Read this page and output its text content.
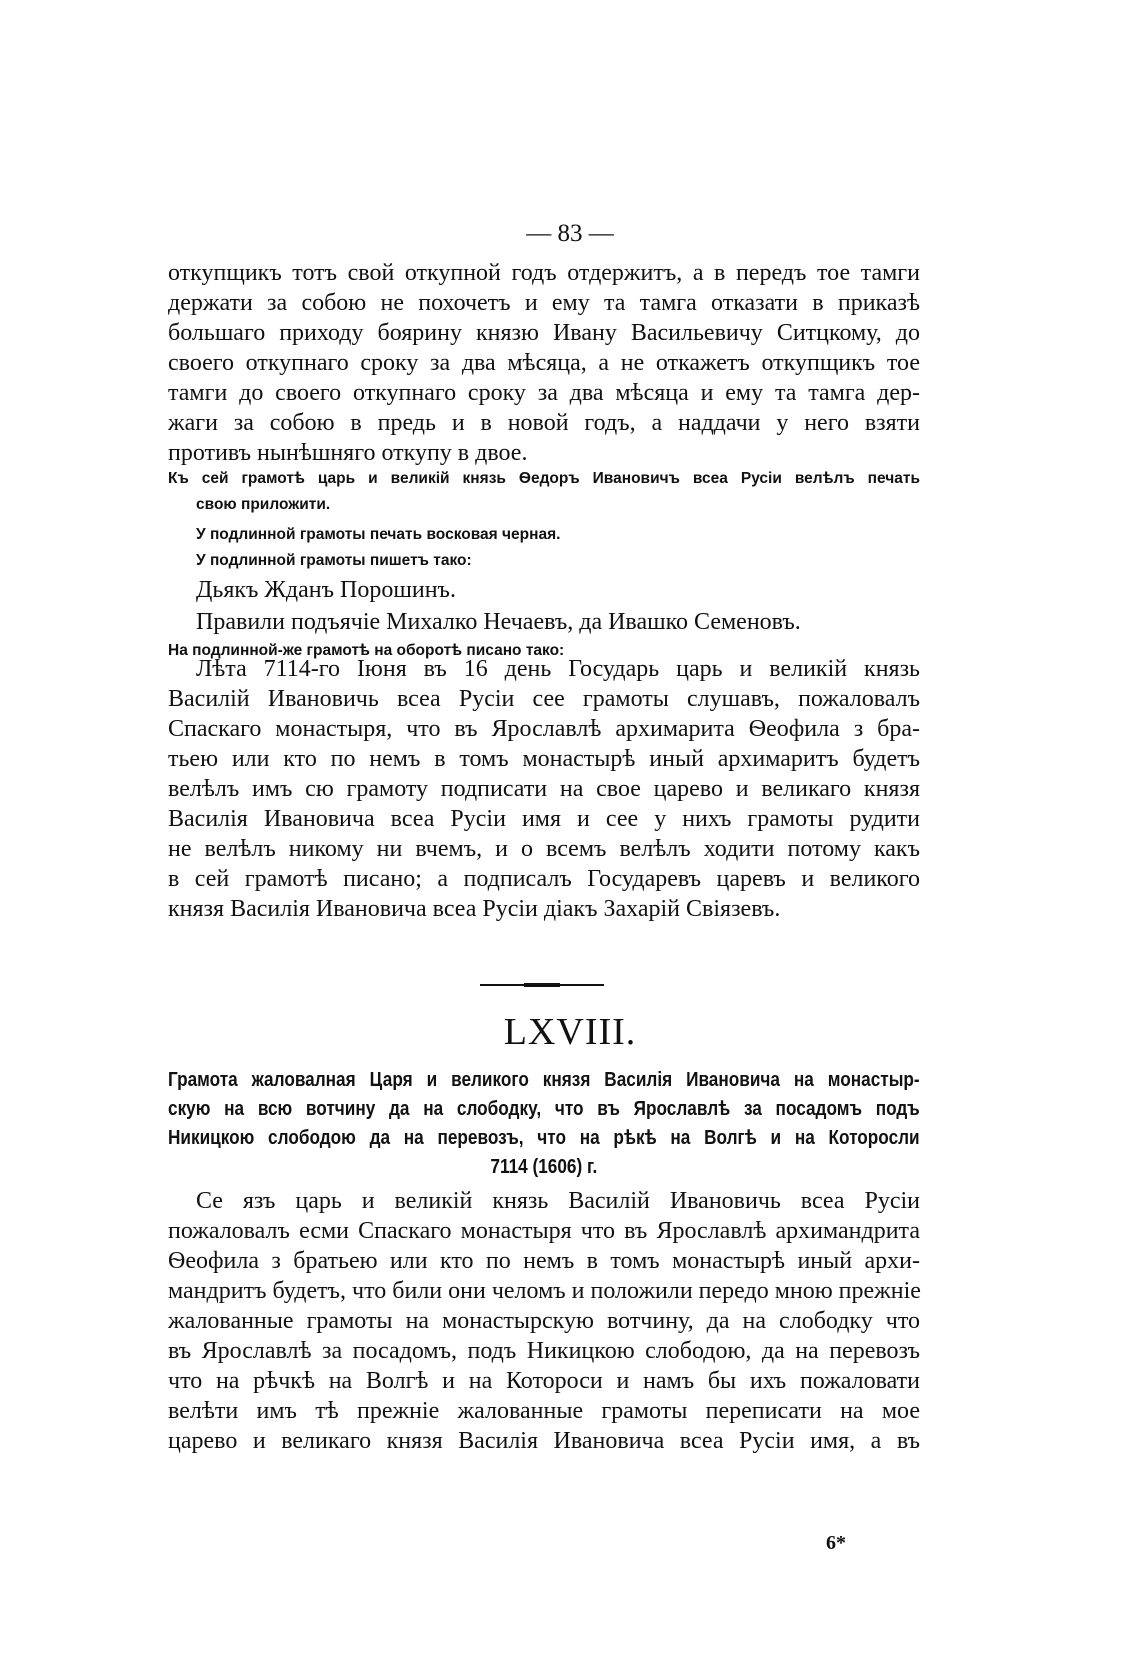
— 83 —
откупщикъ тотъ свой откупной годъ отдержитъ, а в передъ тое тамги
держати за собою не похочетъ и ему та тамга отказати в приказѣ
большаго приходу боярину князю Ивану Васильевичу Ситцкому, до
своего откупнаго сроку за два мѣсяца, а не откажетъ откупщикъ тое
тамги до своего откупнаго сроку за два мѣсяца и ему та тамга дер-
жаги за собою в предь и в новой годъ, а наддачи у него взяти
противъ нынѣшняго откупу в двое.
Къ сей грамотѣ царь и великій князь Ѳедоръ Ивановичъ всеа Русіи велѣлъ печать
свою приложити.
У подлинной грамоты печать восковая черная.
У подлинной грамоты пишетъ тако:
Дьякъ Жданъ Порошинъ.
Правили подъячіе Михалко Нечаевъ, да Ивашко Семеновъ.
На подлинной-же грамотѣ на оборотѣ писано тако:
Лѣта 7114-го Іюня въ 16 день Государь царь и великій князь
Василій Ивановичь всеа Русіи сее грамоты слушавъ, пожаловалъ
Спаскаго монастыря, что въ Ярославлѣ архимарита Ѳеофила з бра-
тьею или кто по немъ в томъ монастырѣ иный архимаритъ будетъ
велѣлъ имъ сю грамоту подписати на свое царево и великаго князя
Василія Ивановича всеа Русіи имя и сее у нихъ грамоты рудити
не велѣлъ никому ни вчемъ, и о всемъ велѣлъ ходити потому какъ
в сей грамотѣ писано; а подписалъ Государевъ царевъ и великого
князя Василія Ивановича всеа Русіи діакъ Захарій Свіязевъ.
LXVIII.
Грамота жаловалная Царя и великого князя Василія Ивановича на монастыр-
скую на всю вотчину да на слободку, что въ Ярославлѣ за посадомъ подъ
Никицкою слободою да на перевозъ, что на рѣкѣ на Волгѣ и на Которосли
7114 (1606) г.
Се язъ царь и великій князь Василій Ивановичь всеа Русіи
пожаловалъ есми Спаскаго монастыря что въ Ярославлѣ архимандрита
Ѳеофила з братьею или кто по немъ в томъ монастырѣ иный архи-
мандритъ будетъ, что били они челомъ и положили передо мною прежніе
жалованные грамоты на монастырскую вотчину, да на слободку что
въ Ярославлѣ за посадомъ, подъ Никицкою слободою, да на перевозъ
что на рѣчкѣ на Волгѣ и на Котороси и намъ бы ихъ пожаловати
велѣти имъ тѣ прежніе жалованные грамоты переписати на мое
царево и великаго князя Василія Ивановича всеа Русіи имя, а въ
6*
